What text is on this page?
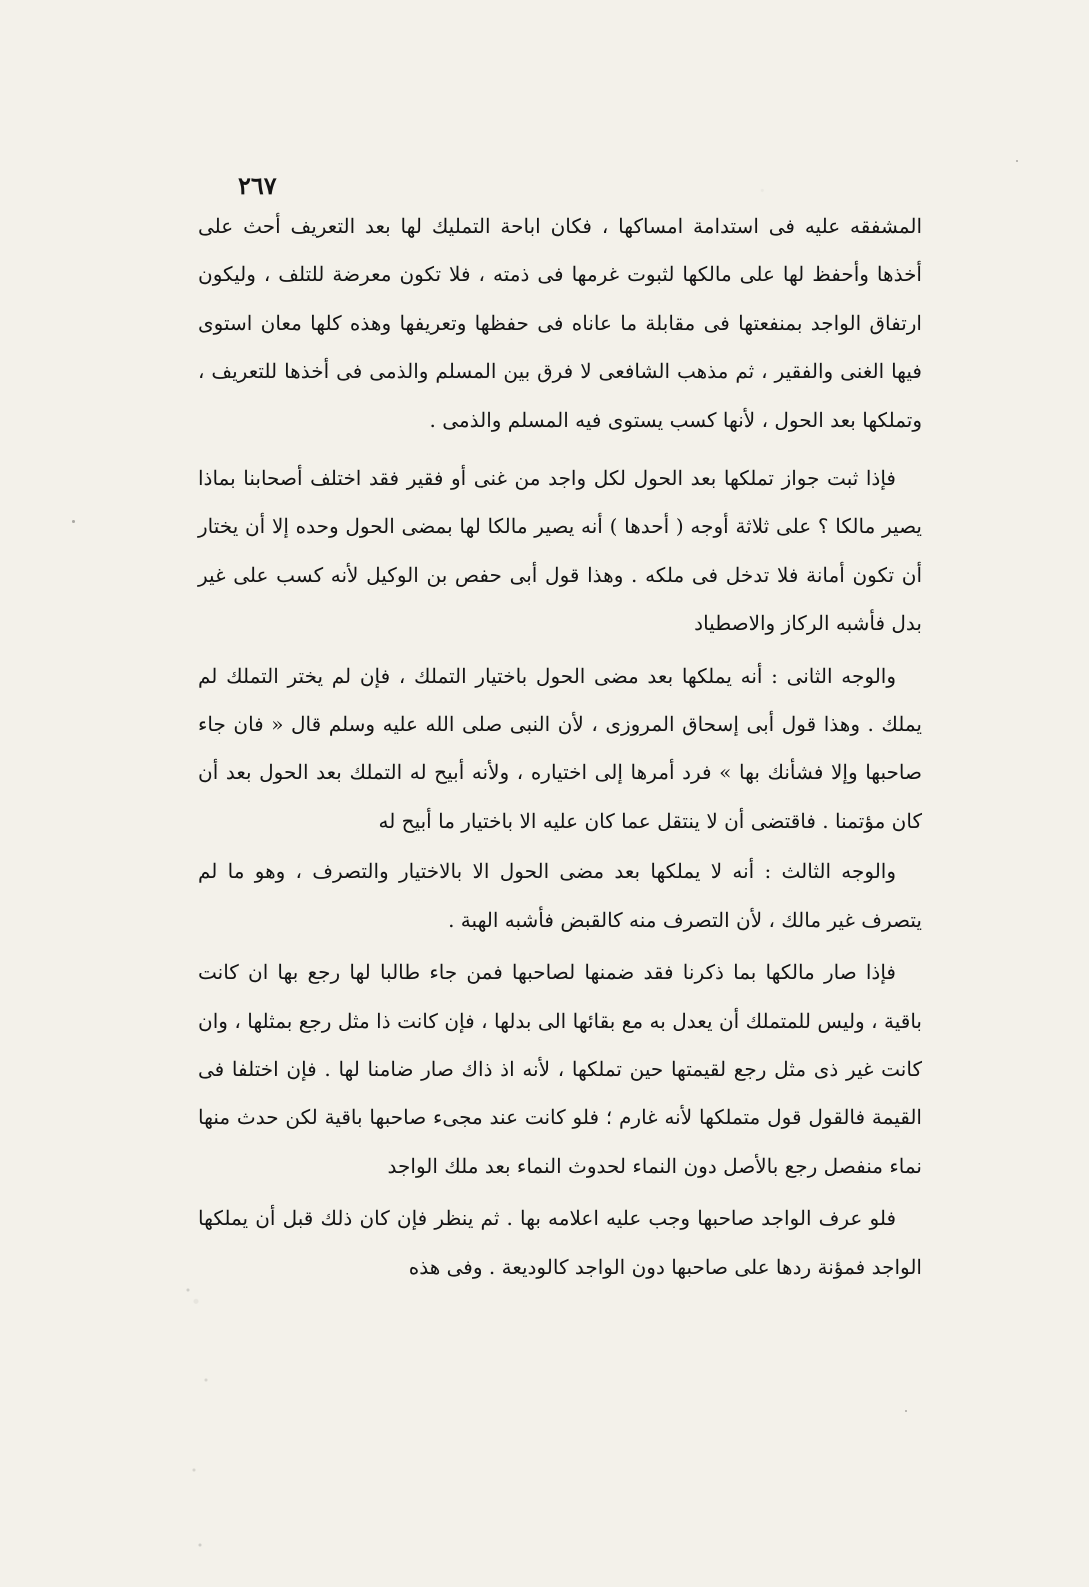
٢٦٧

المشفقه عليه فى استدامة امساكها ، فكان اباحة التمليك لها بعد التعريف أحث على أخذها وأحفظ لها على مالكها لثبوت غرمها فى ذمته ، فلا تكون معرضة للتلف ، وليكون ارتفاق الواجد بمنفعتها فى مقابلة ما عاناه فى حفظها وتعريفها وهذه كلها معان استوى فيها الغنى والفقير ، ثم مذهب الشافعى لا فرق بين المسلم والذمى فى أخذها للتعريف ، وتملكها بعد الحول ، لأنها كسب يستوى فيه المسلم والذمى .

فإذا ثبت جواز تملكها بعد الحول لكل واجد من غنى أو فقير فقد اختلف أصحابنا بماذا يصير مالكا ؟ على ثلاثة أوجه ( أحدها ) أنه يصير مالكا لها بمضى الحول وحده إلا أن يختار أن تكون أمانة فلا تدخل فى ملكه . وهذا قول أبى حفص بن الوكيل لأنه كسب على غير بدل فأشبه الركاز والاصطياد

والوجه الثانى : أنه يملكها بعد مضى الحول باختيار التملك ، فإن لم يختر التملك لم يملك . وهذا قول أبى إسحاق المروزى ، لأن النبى صلى الله عليه وسلم قال « فان جاء صاحبها وإلا فشأنك بها » فرد أمرها إلى اختياره ، ولأنه أبيح له التملك بعد الحول بعد أن كان مؤتمنا . فاقتضى أن لا ينتقل عما كان عليه الا باختيار ما أبيح له

والوجه الثالث : أنه لا يملكها بعد مضى الحول الا بالاختيار والتصرف ، وهو ما لم يتصرف غير مالك ، لأن التصرف منه كالقبض فأشبه الهبة .

فإذا صار مالكها بما ذكرنا فقد ضمنها لصاحبها فمن جاء طالبا لها رجع بها ان كانت باقية ، وليس للمتملك أن يعدل به مع بقائها الى بدلها ، فإن كانت ذا مثل رجع بمثلها ، وان كانت غير ذى مثل رجع لقيمتها حين تملكها ، لأنه اذ ذاك صار ضامنا لها . فإن اختلفا فى القيمة فالقول قول متملكها لأنه غارم ؛ فلو كانت عند مجىء صاحبها باقية لكن حدث منها نماء منفصل رجع بالأصل دون النماء لحدوث النماء بعد ملك الواجد

فلو عرف الواجد صاحبها وجب عليه اعلامه بها . ثم ينظر فإن كان ذلك قبل أن يملكها الواجد فمؤنة ردها على صاحبها دون الواجد كالوديعة . وفى هذه
